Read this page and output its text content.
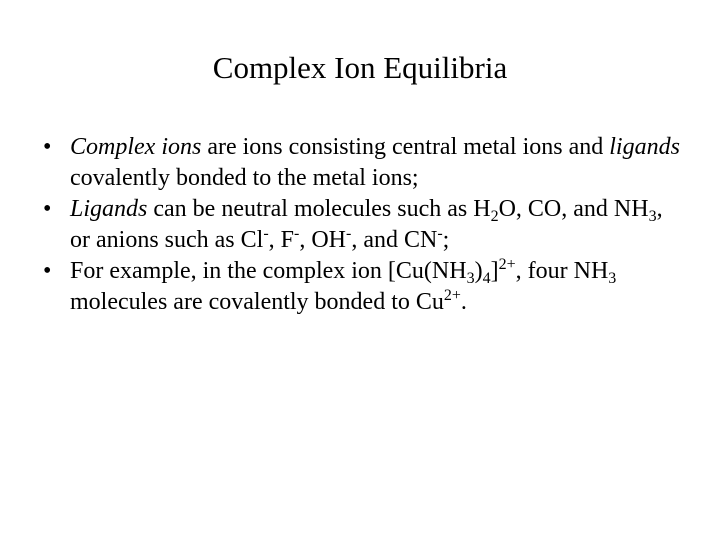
Complex Ion Equilibria
• Complex ions are ions consisting central metal ions and ligands covalently bonded to the metal ions;
• Ligands can be neutral molecules such as $H_2O$, CO, and $NH_3$, or anions such as Cl-, F-, OH-, and CN-;
• For example, in the complex ion $[Cu(NH_3)_4]^{2+}$, four $NH_3$ molecules are covalently bonded to $Cu^{2+}$.
